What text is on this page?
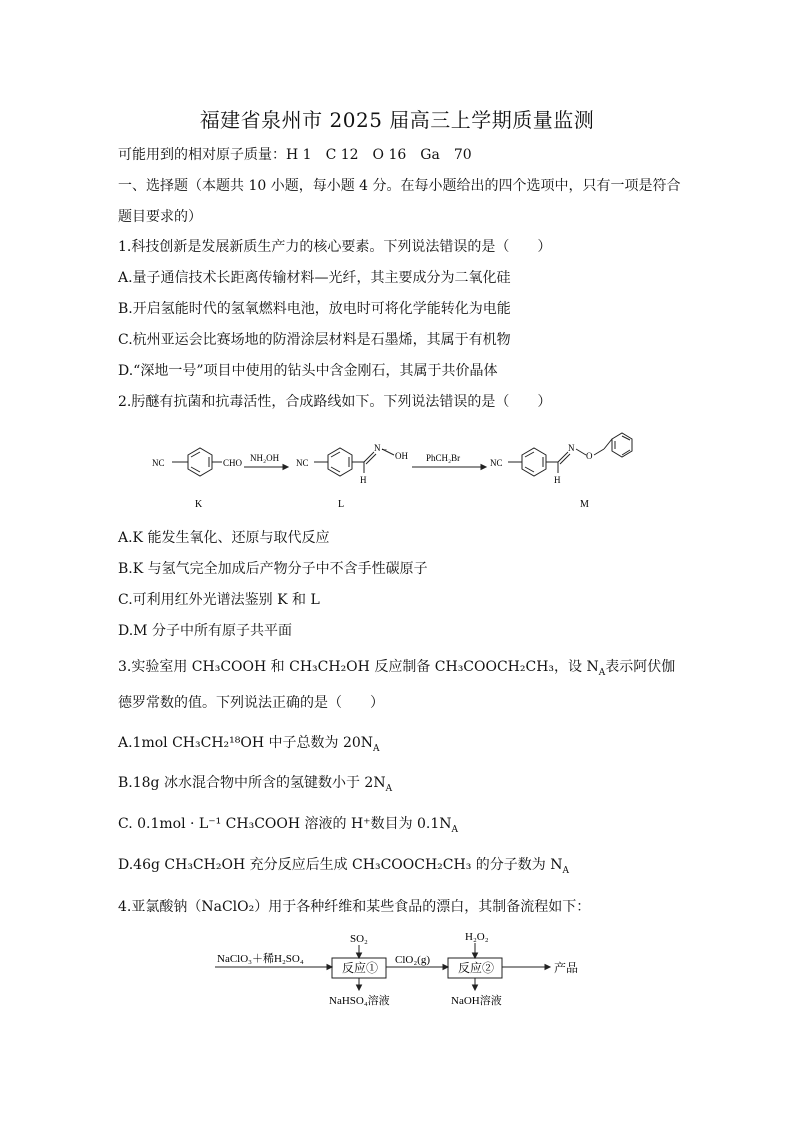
福建省泉州市 2025 届高三上学期质量监测
可能用到的相对原子质量：H 1　C 12　O 16　Ga　70
一、选择题（本题共 10 小题，每小题 4 分。在每小题给出的四个选项中，只有一项是符合
题目要求的）
1.科技创新是发展新质生产力的核心要素。下列说法错误的是（　　）
A.量子通信技术长距离传输材料—光纤，其主要成分为二氧化硅
B.开启氢能时代的氢氧燃料电池，放电时可将化学能转化为电能
C.杭州亚运会比赛场地的防滑涂层材料是石墨烯，其属于有机物
D.“深地一号”项目中使用的钻头中含金刚石，其属于共价晶体
2.肟醚有抗菌和抗毒活性，合成路线如下。下列说法错误的是（　　）
NC	CHO
K
NH₂OH NC
N –
OH
H
L
PhCH₂Br	NC
N
O
H
M
A.K 能发生氧化、还原与取代反应
B.K 与氢气完全加成后产物分子中不含手性碳原子
C.可利用红外光谱法鉴别 K 和 L
D.M 分子中所有原子共平面
3.实验室用 CH₃COOH 和 CH₃CH₂OH 反应制备 CH₃COOCH₂CH₃，设 $N_A$表示阿伏伽
德罗常数的值。下列说法正确的是（　　）
A.1mol CH₃CH₂¹⁸OH 中子总数为 $20N_A$
B.18g 冰水混合物中所含的氢键数小于 $2N_A$
C. 0.1mol · L⁻¹ CH₃COOH 溶液的 H⁺数目为 $0.1N_A$
D.46g CH₃CH₂OH 充分反应后生成 CH₃COOCH₂CH₃ 的分子数为 $N_A$
4.亚氯酸钠（NaClO₂）用于各种纤维和某些食品的漂白，其制备流程如下：
NaClO₃＋稀H₂SO₄
SO₂
反应①
NaHSO₄溶液
ClO₂(g)
H₂O₂
反应②
NaOH溶液
产品
